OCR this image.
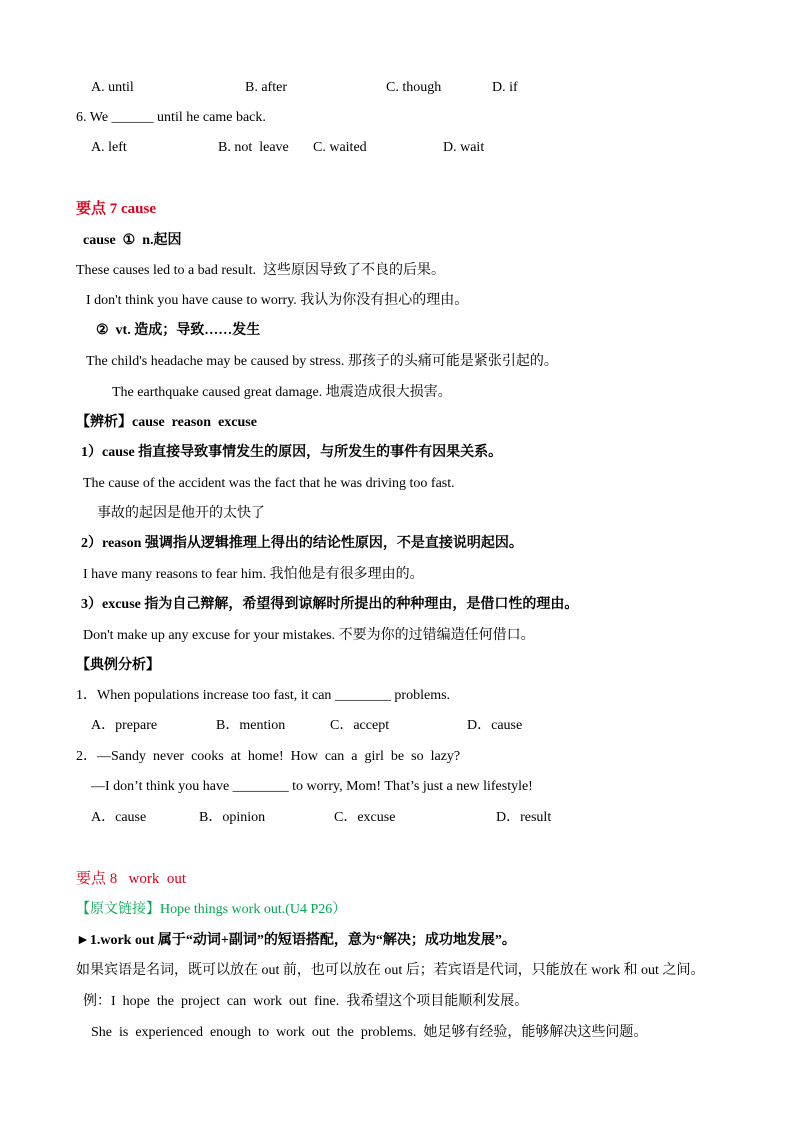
A. until	B. after	C. though	D. if
6. We ______ until he came back.
A. left	B. not  leave C. waited	D. wait
要点 7 cause
cause  ①  n.起因
These causes led to a bad result.  这些原因导致了不良的后果。
I don't think you have cause to worry. 我认为你没有担心的理由。
②  vt. 造成；导致……发生
The child's headache may be caused by stress. 那孩子的头痛可能是紧张引起的。
The earthquake caused great damage. 地震造成很大损害。
【辨析】cause  reason  excuse
1）cause 指直接导致事情发生的原因，与所发生的事件有因果关系。
The cause of the accident was the fact that he was driving too fast.
事故的起因是他开的太快了
2）reason 强调指从逻辑推理上得出的结论性原因，不是直接说明起因。
I have many reasons to fear him. 我怕他是有很多理由的。
3）excuse 指为自己辩解，希望得到谅解时所提出的种种理由，是借口性的理由。
Don't make up any excuse for your mistakes. 不要为你的过错编造任何借口。
【典例分析】
1．When populations increase too fast, it can ________ problems.
A．prepare	B．mention	C．accept	D．cause
2．—Sandy  never  cooks  at  home!  How  can  a  girl  be  so  lazy?
—I don’t think you have ________ to worry, Mom! That’s just a new lifestyle!
A．cause	B．opinion	C．excuse	D．result
要点 8   work  out
【原文链接】Hope things work out.(U4 P26）
►1.work out 属于“动词+副词”的短语搭配，意为“解决；成功地发展”。
如果宾语是名词，既可以放在 out 前，也可以放在 out 后；若宾语是代词，只能放在 work 和 out 之间。
例：I  hope  the  project  can  work  out  fine.  我希望这个项目能顺利发展。
She  is  experienced  enough  to  work  out  the  problems.  她足够有经验，能够解决这些问题。
